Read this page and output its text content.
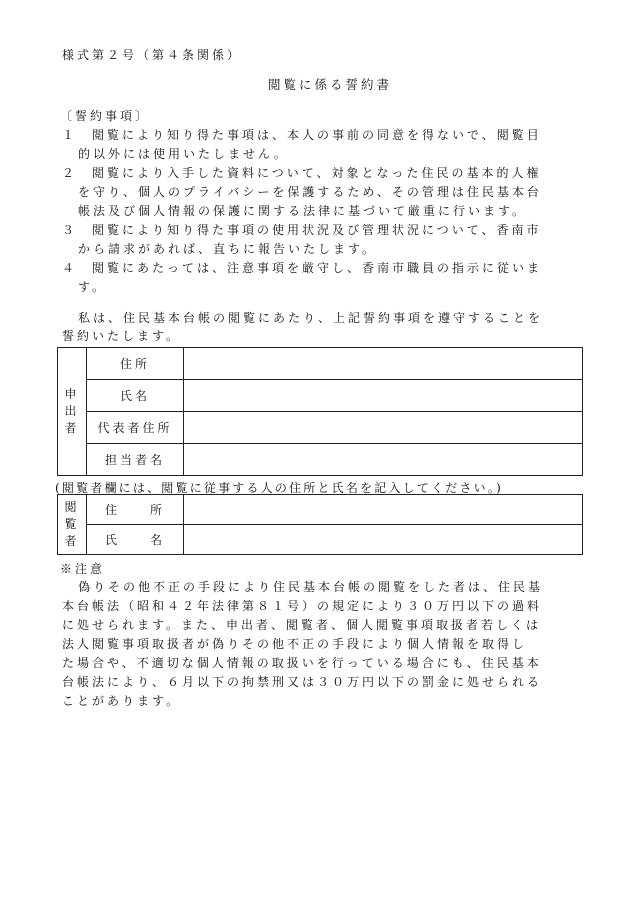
様式第２号（第４条関係）
閲覧に係る誓約書
〔誓約事項〕
１　閲覧により知り得た事項は、本人の事前の同意を得ないで、閲覧目
的以外には使用いたしません。
２　閲覧により入手した資料について、対象となった住民の基本的人権
を守り、個人のプライバシーを保護するため、その管理は住民基本台
帳法及び個人情報の保護に関する法律に基づいて厳重に行います。
３　閲覧により知り得た事項の使用状況及び管理状況について、香南市
から請求があれば、直ちに報告いたします。
４　閲覧にあたっては、注意事項を厳守し、香南市職員の指示に従いま
す。
私は、住民基本台帳の閲覧にあたり、上記誓約事項を遵守することを
誓約いたします。
申
出
者	住所	
	氏名	
	代表者住所	
	担当者名	
(閲覧者欄には、閲覧に従事する人の住所と氏名を記入してください。)
閲
覧
者	住　　所	
	氏　　名	
※注意
偽りその他不正の手段により住民基本台帳の閲覧をした者は、住民基
本台帳法（昭和４２年法律第８１号）の規定により３０万円以下の過料
に処せられます。また、申出者、閲覧者、個人閲覧事項取扱者若しくは
法人閲覧事項取扱者が偽りその他不正の手段により個人情報を取得し
た場合や、不適切な個人情報の取扱いを行っている場合にも、住民基本
台帳法により、６月以下の拘禁刑又は３０万円以下の罰金に処せられる
ことがあります。
